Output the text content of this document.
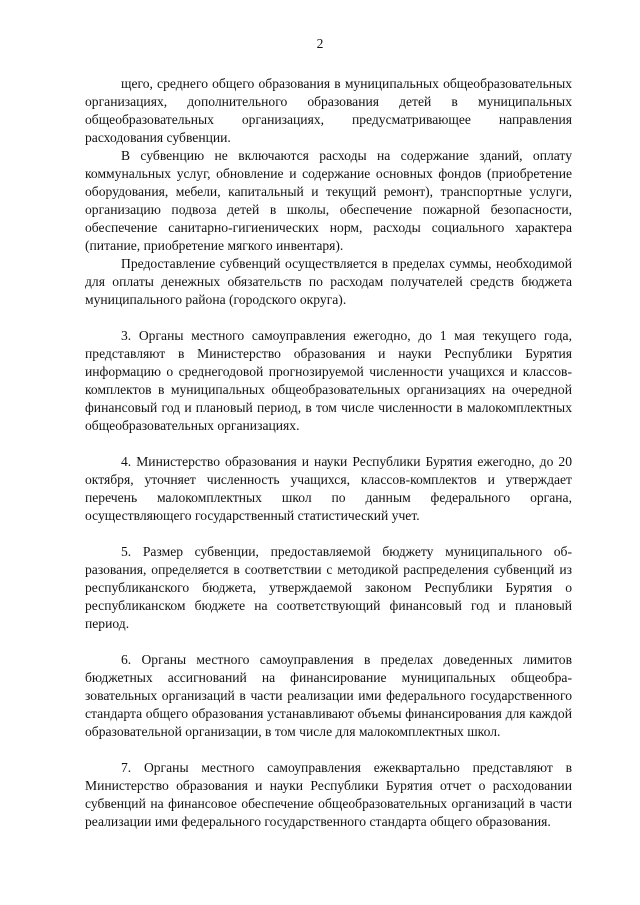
2

щего, среднего общего образования в муниципальных общеобразовательных организациях, дополнительного образования детей в муниципальных общеобразовательных организациях, предусматривающее направления расходования субвенции.

В субвенцию не включаются расходы на содержание зданий, оплату коммунальных услуг, обновление и содержание основных фондов (приобретение оборудования, мебели, капитальный и текущий ремонт), транспортные услуги, организацию подвоза детей в школы, обеспечение пожарной безопасности, обеспечение санитарно-гигиенических норм, расходы социального характера (питание, приобретение мягкого инвентаря).

Предоставление субвенций осуществляется в пределах суммы, необходимой для оплаты денежных обязательств по расходам получателей средств бюджета муниципального района (городского округа).

3. Органы местного самоуправления ежегодно, до 1 мая текущего года, представляют в Министерство образования и науки Республики Бурятия информацию о среднегодовой прогнозируемой численности учащихся и классов-комплектов в муниципальных общеобразовательных организациях на очередной финансовый год и плановый период, в том числе численности в малокомплектных общеобразовательных организациях.

4. Министерство образования и науки Республики Бурятия ежегодно, до 20 октября, уточняет численность учащихся, классов-комплектов и утверждает перечень малокомплектных школ по данным федерального органа, осуществляющего государственный статистический учет.

5. Размер субвенции, предоставляемой бюджету муниципального образования, определяется в соответствии с методикой распределения субвенций из республиканского бюджета, утверждаемой законом Республики Бурятия о республиканском бюджете на соответствующий финансовый год и плановый период.

6. Органы местного самоуправления в пределах доведенных лимитов бюджетных ассигнований на финансирование муниципальных общеобразовательных организаций в части реализации ими федерального государственного стандарта общего образования устанавливают объемы финансирования для каждой образовательной организации, в том числе для малокомплектных школ.

7. Органы местного самоуправления ежеквартально представляют в Министерство образования и науки Республики Бурятия отчет о расходовании субвенций на финансовое обеспечение общеобразовательных организаций в части реализации ими федерального государственного стандарта общего образования.
